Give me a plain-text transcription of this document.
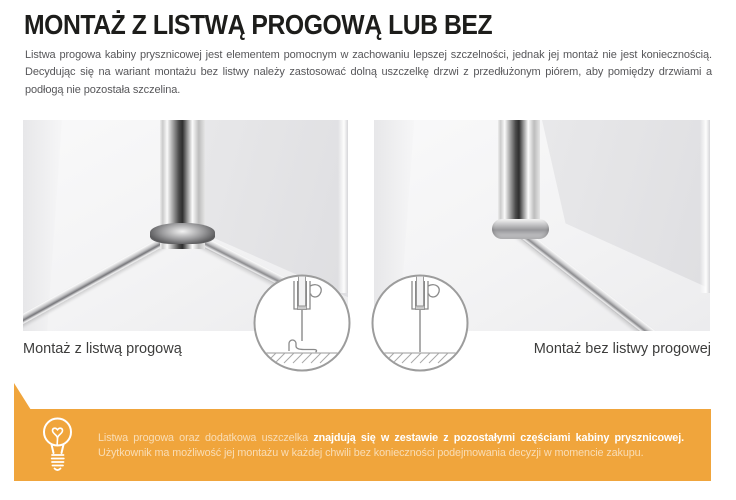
MONTAŻ Z LISTWĄ PROGOWĄ LUB BEZ

Listwa progowa kabiny prysznicowej jest elementem pomocnym w zachowaniu lepszej szczelności, jednak jej montaż nie jest koniecznością. Decydując się na wariant montażu bez listwy należy zastosować dolną uszczelkę drzwi z przedłużonym piórem, aby pomiędzy drzwiami a podłogą nie pozostała szczelina.

Montaż z listwą progową	Montaż bez listwy progowej
Listwa progowa oraz dodatkowa uszczelka znajdują się w zestawie z pozostałymi częściami kabiny prysznicowej.
Użytkownik ma możliwość jej montażu w każdej chwili bez konieczności podejmowania decyzji w momencie zakupu.
